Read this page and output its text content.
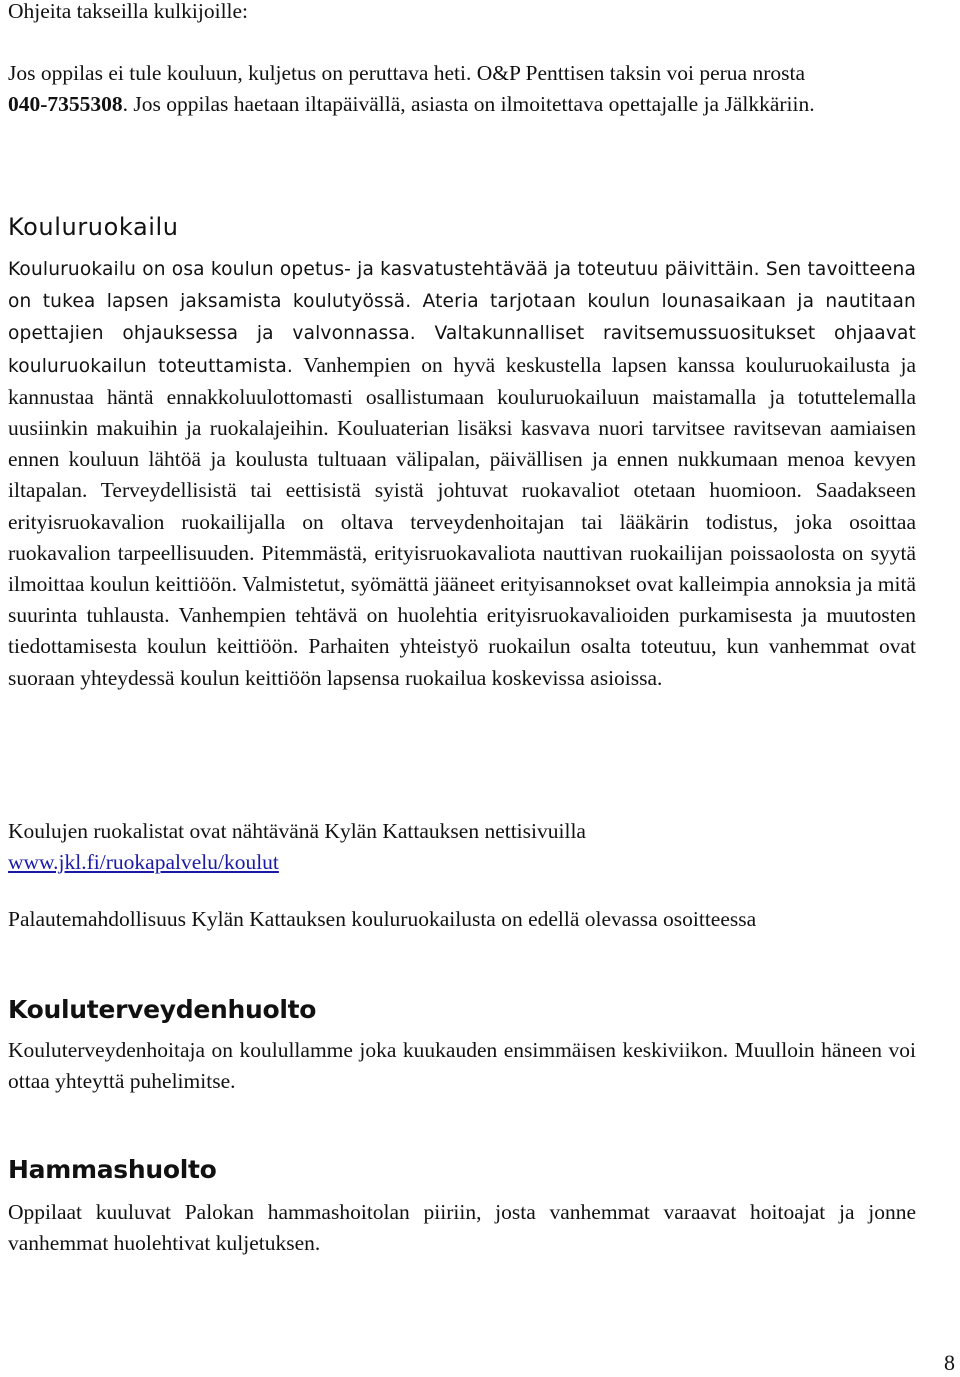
Ohjeita takseilla kulkijoille:

Jos oppilas ei tule kouluun, kuljetus on peruttava heti. O&P Penttisen taksin voi perua nrosta 040-7355308. Jos oppilas haetaan iltapäivällä, asiasta on ilmoitettava opettajalle ja Jälkkäriin.

Kouluruokailu

Kouluruokailu on osa koulun opetus- ja kasvatustehtävää ja toteutuu päivittäin. Sen tavoitteena on tukea lapsen jaksamista koulutyössä. Ateria tarjotaan koulun lounasaikaan ja nautitaan opettajien ohjauksessa ja valvonnassa. Valtakunnalliset ravitsemussuositukset ohjaavat kouluruokailun toteuttamista. Vanhempien on hyvä keskustella lapsen kanssa kouluruokailusta ja kannustaa häntä ennakkoluulottomasti osallistumaan kouluruokailuun maistamalla ja totuttelemalla uusiinkin makuihin ja ruokalajeihin. Kouluaterian lisäksi kasvava nuori tarvitsee ravitsevan aamiaisen ennen kouluun lähtöä ja koulusta tultuaan välipalan, päivällisen ja ennen nukkumaan menoa kevyen iltapalan. Terveydellisistä tai eettisistä syistä johtuvat ruokavaliot otetaan huomioon. Saadakseen erityisruokavalion ruokailijalla on oltava terveydenhoitajan tai lääkärin todistus, joka osoittaa ruokavalion tarpeellisuuden. Pitemmästä, erityisruokavaliota nauttivan ruokailijan poissaolosta on syytä ilmoittaa koulun keittiöön. Valmistetut, syömättä jääneet erityisannokset ovat kalleimpia annoksia ja mitä suurinta tuhlausta. Vanhempien tehtävä on huolehtia erityisruokavalioiden purkamisesta ja muutosten tiedottamisesta koulun keittiöön. Parhaiten yhteistyö ruokailun osalta toteutuu, kun vanhemmat ovat suoraan yhteydessä koulun keittiöön lapsensa ruokailua koskevissa asioissa.

Koulujen ruokalistat ovat nähtävänä Kylän Kattauksen nettisivuilla
www.jkl.fi/ruokapalvelu/koulut

Palautemahdollisuus Kylän Kattauksen kouluruokailusta on edellä olevassa osoitteessa

Kouluterveydenhuolto

Kouluterveydenhoitaja on koulullamme joka kuukauden ensimmäisen keskiviikon. Muulloin häneen voi ottaa yhteyttä puhelimitse.

Hammashuolto

Oppilaat kuuluvat Palokan hammashoitolan piiriin, josta vanhemmat varaavat hoitoajat ja jonne vanhemmat huolehtivat kuljetuksen.

8
